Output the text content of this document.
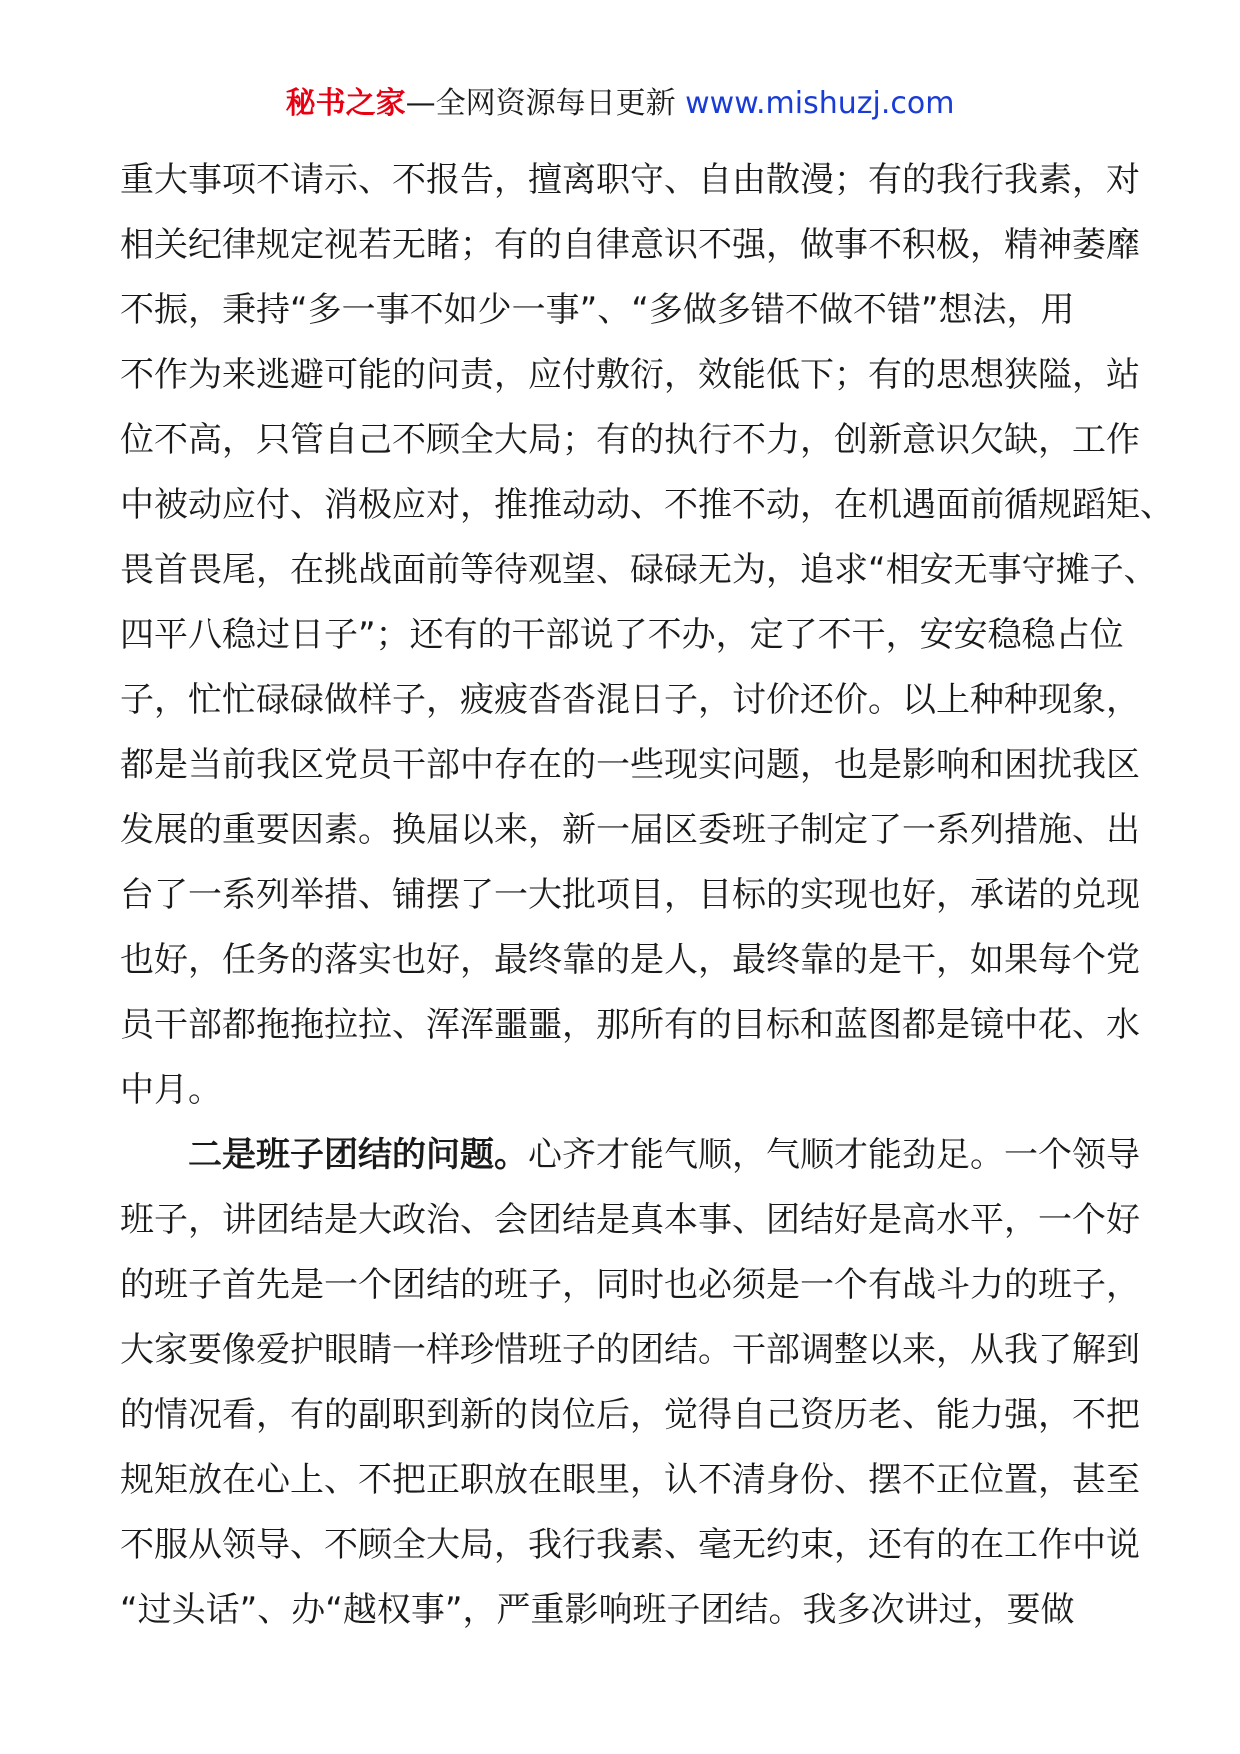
秘书之家—全网资源每日更新 www.mishuzj.com
重大事项不请示、不报告，擅离职守、自由散漫；有的我行我素，对
相关纪律规定视若无睹；有的自律意识不强，做事不积极，精神萎靡
不振，秉持“多一事不如少一事”、“多做多错不做不错”想法，用
不作为来逃避可能的问责，应付敷衍，效能低下；有的思想狭隘，站
位不高，只管自己不顾全大局；有的执行不力，创新意识欠缺，工作
中被动应付、消极应对，推推动动、不推不动，在机遇面前循规蹈矩、
畏首畏尾，在挑战面前等待观望、碌碌无为，追求“相安无事守摊子、
四平八稳过日子”；还有的干部说了不办，定了不干，安安稳稳占位
子，忙忙碌碌做样子，疲疲沓沓混日子，讨价还价。以上种种现象，
都是当前我区党员干部中存在的一些现实问题，也是影响和困扰我区
发展的重要因素。换届以来，新一届区委班子制定了一系列措施、出
台了一系列举措、铺摆了一大批项目，目标的实现也好，承诺的兑现
也好，任务的落实也好，最终靠的是人，最终靠的是干，如果每个党
员干部都拖拖拉拉、浑浑噩噩，那所有的目标和蓝图都是镜中花、水
中月。
二是班子团结的问题。心齐才能气顺，气顺才能劲足。一个领导
班子，讲团结是大政治、会团结是真本事、团结好是高水平，一个好
的班子首先是一个团结的班子，同时也必须是一个有战斗力的班子，
大家要像爱护眼睛一样珍惜班子的团结。干部调整以来，从我了解到
的情况看，有的副职到新的岗位后，觉得自己资历老、能力强，不把
规矩放在心上、不把正职放在眼里，认不清身份、摆不正位置，甚至
不服从领导、不顾全大局，我行我素、毫无约束，还有的在工作中说
“过头话”、办“越权事”，严重影响班子团结。我多次讲过，要做
